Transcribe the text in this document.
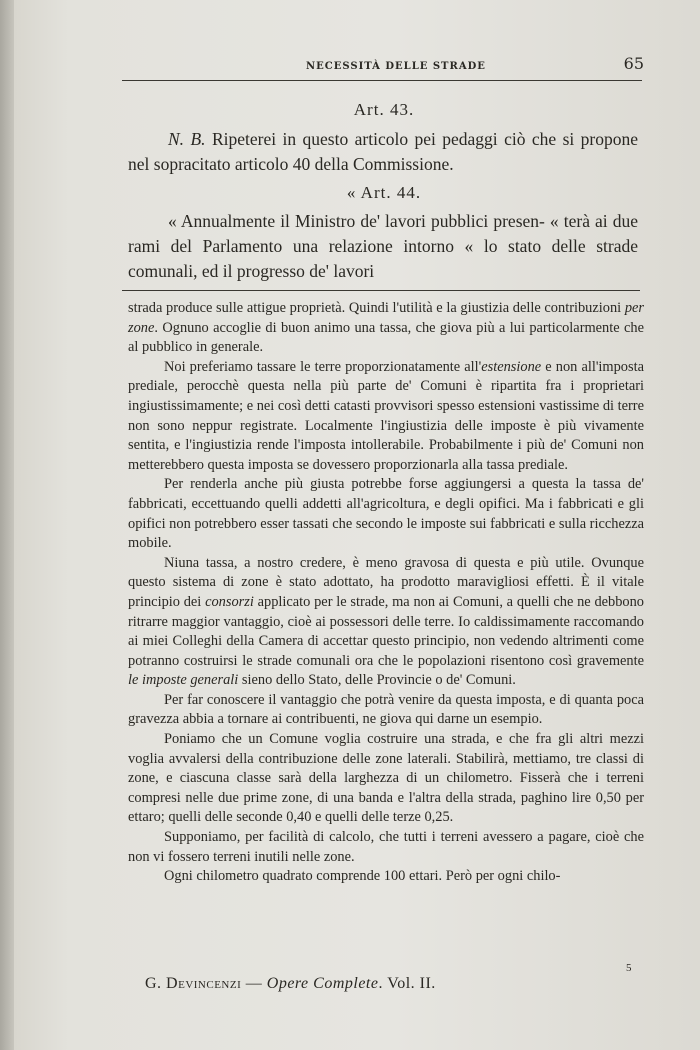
NECESSITÀ DELLE STRADE	65
Art. 43.

N. B. Ripeterei in questo articolo pei pedaggi ciò che si propone nel sopracitato articolo 40 della Commissione.

« Art. 44.

« Annualmente il Ministro de' lavori pubblici presen- « terà ai due rami del Parlamento una relazione intorno « lo stato delle strade comunali, ed il progresso de' lavori

strada produce sulle attigue proprietà. Quindi l'utilità e la giustizia delle contribuzioni per zone. Ognuno accoglie di buon animo una tassa, che giova più a lui particolarmente che al pubblico in generale.

Noi preferiamo tassare le terre proporzionatamente all'estensione e non all'imposta prediale, perocchè questa nella più parte de' Comuni è ripartita fra i proprietari ingiustissimamente; e nei così detti catasti provvisori spesso estensioni vastissime di terre non sono neppur registrate. Localmente l'ingiustizia delle imposte è più vivamente sentita, e l'ingiustizia rende l'imposta intollerabile. Probabilmente i più de' Comuni non metterebbero questa imposta se dovessero proporzionarla alla tassa prediale.

Per renderla anche più giusta potrebbe forse aggiungersi a questa la tassa de' fabbricati, eccettuando quelli addetti all'agricoltura, e degli opifici. Ma i fabbricati e gli opifici non potrebbero esser tassati che secondo le imposte sui fabbricati e sulla ricchezza mobile.

Niuna tassa, a nostro credere, è meno gravosa di questa e più utile. Ovunque questo sistema di zone è stato adottato, ha prodotto maravigliosi effetti. È il vitale principio dei consorzi applicato per le strade, ma non ai Comuni, a quelli che ne debbono ritrarre maggior vantaggio, cioè ai possessori delle terre. Io caldissimamente raccomando ai miei Colleghi della Camera di accettar questo principio, non vedendo altrimenti come potranno costruirsi le strade comunali ora che le popolazioni risentono così gravemente le imposte generali sieno dello Stato, delle Provincie o de' Comuni.

Per far conoscere il vantaggio che potrà venire da questa imposta, e di quanta poca gravezza abbia a tornare ai contribuenti, ne giova qui darne un esempio.

Poniamo che un Comune voglia costruire una strada, e che fra gli altri mezzi voglia avvalersi della contribuzione delle zone laterali. Stabilirà, mettiamo, tre classi di zone, e ciascuna classe sarà della larghezza di un chilometro. Fisserà che i terreni compresi nelle due prime zone, di una banda e l'altra della strada, paghino lire 0,50 per ettaro; quelli delle seconde 0,40 e quelli delle terze 0,25.

Supponiamo, per facilità di calcolo, che tutti i terreni avessero a pagare, cioè che non vi fossero terreni inutili nelle zone.

Ogni chilometro quadrato comprende 100 ettari. Però per ogni chilo-

G. Devincenzi — Opere Complete. Vol. II.
5
